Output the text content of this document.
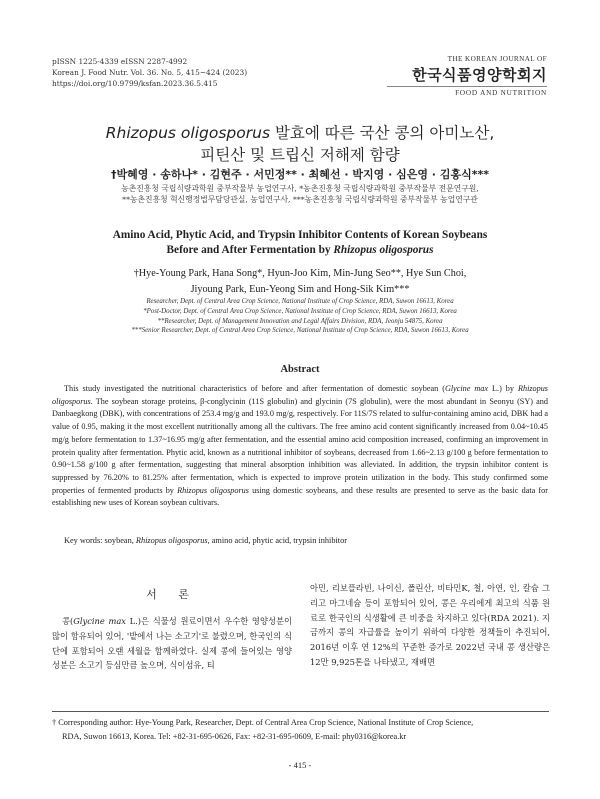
pISSN 1225-4339 eISSN 2287-4992
Korean J. Food Nutr. Vol. 36. No. 5, 415~424 (2023)
https://doi.org/10.9799/ksfan.2023.36.5.415
THE KOREAN JOURNAL OF
한국식품영양학회지
FOOD AND NUTRITION
Rhizopus oligosporus 발효에 따른 국산 콩의 아미노산,
피틴산 및 트립신 저해제 함량
†박혜영 · 송하나* · 김현주 · 서민정** · 최혜선 · 박지영 · 심은영 · 김홍식***
농촌진흥청 국립식량과학원 중부작물부 농업연구사, *농촌진흥청 국립식량과학원 중부작물부 전문연구원,
**농촌진흥청 혁신행정법무담당관실, 농업연구사, ***농촌진흥청 국립식량과학원 중부작물부 농업연구관
Amino Acid, Phytic Acid, and Trypsin Inhibitor Contents of Korean Soybeans
Before and After Fermentation by Rhizopus oligosporus
†Hye-Young Park, Hana Song*, Hyun-Joo Kim, Min-Jung Seo**, Hye Sun Choi,
Jiyoung Park, Eun-Yeong Sim and Hong-Sik Kim***
Researcher, Dept. of Central Area Crop Science, National Institute of Crop Science, RDA, Suwon 16613, Korea
*Post-Doctor, Dept. of Central Area Crop Science, National Institute of Crop Science, RDA, Suwon 16613, Korea
**Researcher, Dept. of Management Innovation and Legal Affairs Division, RDA, Jeonju 54875, Korea
***Senior Researcher, Dept. of Central Area Crop Science, National Institute of Crop Science, RDA, Suwon 16613, Korea
Abstract
This study investigated the nutritional characteristics of before and after fermentation of domestic soybean (Glycine max L.) by Rhizopus oligosporus. The soybean storage proteins, β-conglycinin (11S globulin) and glycinin (7S globulin), were the most abundant in Seonyu (SY) and Danbaegkong (DBK), with concentrations of 253.4 mg/g and 193.0 mg/g, respectively. For 11S/7S related to sulfur-containing amino acid, DBK had a value of 0.95, making it the most excellent nutritionally among all the cultivars. The free amino acid content significantly increased from 0.04~10.45 mg/g before fermentation to 1.37~16.95 mg/g after fermentation, and the essential amino acid composition increased, confirming an improvement in protein quality after fermentation. Phytic acid, known as a nutritional inhibitor of soybeans, decreased from 1.66~2.13 g/100 g before fermentation to 0.90~1.58 g/100 g after fermentation, suggesting that mineral absorption inhibition was alleviated. In addition, the trypsin inhibitor content is suppressed by 76.20% to 81.25% after fermentation, which is expected to improve protein utilization in the body. This study confirmed some properties of fermented products by Rhizopus oligosporus using domestic soybeans, and these results are presented to serve as the basic data for establishing new uses of Korean soybean cultivars.
Key words: soybean, Rhizopus oligosporus, amino acid, phytic acid, trypsin inhibitor
서 론
콩(Glycine max L.)은 식물성 원료이면서 우수한 영양성분이 많이 함유되어 있어, '밭에서 나는 소고기'로 불렸으며, 한국인의 식단에 포함되어 오랜 세월을 함께하였다. 실제 콩에 들어있는 영양성분은 소고기 등심만큼 높으며, 식이섬유, 티
아민, 리보플라빈, 나이신, 폴린산, 비타민K, 철, 아연, 인, 칼슘 그리고 마그네슘 등이 포함되어 있어, 콩은 우리에게 최고의 식품 원료로 한국인의 식생활에 큰 비중을 차지하고 있다(RDA 2021). 지금까지 콩의 자급률을 높이기 위하여 다양한 정책들이 추진되어, 2016년 이후 연 12%의 꾸준한 증가로 2022년 국내 콩 생산량은 12만 9,925톤을 나타냈고, 재배면
† Corresponding author: Hye-Young Park, Researcher, Dept. of Central Area Crop Science, National Institute of Crop Science,
RDA, Suwon 16613, Korea. Tel: +82-31-695-0626, Fax: +82-31-695-0609, E-mail: phy0316@korea.kr
- 415 -
